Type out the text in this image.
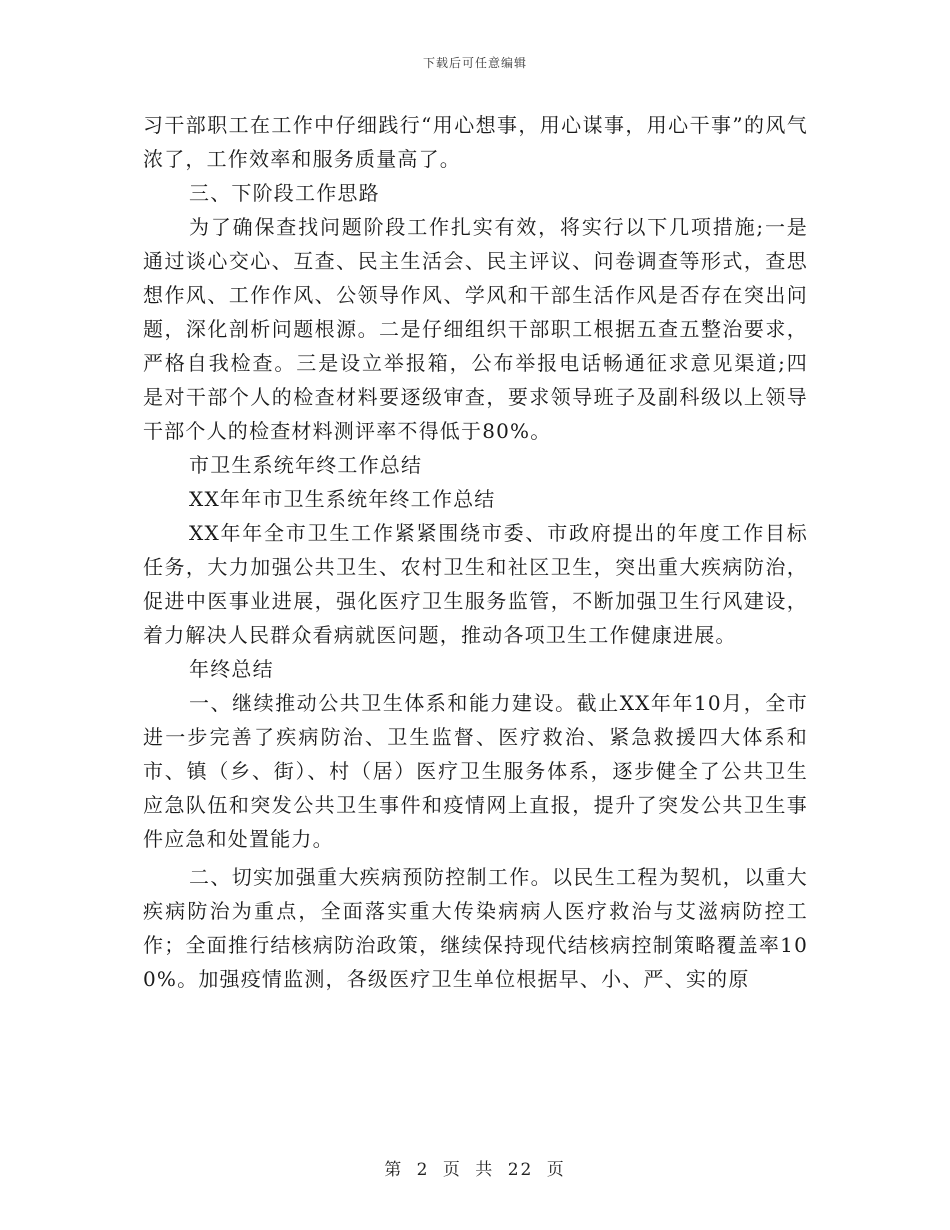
下载后可任意编辑

习干部职工在工作中仔细践行“用心想事，用心谋事，用心干事”的风气浓了，工作效率和服务质量高了。

三、下阶段工作思路

为了确保查找问题阶段工作扎实有效，将实行以下几项措施;一是通过谈心交心、互查、民主生活会、民主评议、问卷调查等形式，查思想作风、工作作风、公领导作风、学风和干部生活作风是否存在突出问题，深化剖析问题根源。二是仔细组织干部职工根据五查五整治要求，严格自我检查。三是设立举报箱，公布举报电话畅通征求意见渠道;四是对干部个人的检查材料要逐级审查，要求领导班子及副科级以上领导干部个人的检查材料测评率不得低于80%。

市卫生系统年终工作总结

XX年年市卫生系统年终工作总结

XX年年全市卫生工作紧紧围绕市委、市政府提出的年度工作目标任务，大力加强公共卫生、农村卫生和社区卫生，突出重大疾病防治，促进中医事业进展，强化医疗卫生服务监管，不断加强卫生行风建设，着力解决人民群众看病就医问题，推动各项卫生工作健康进展。

年终总结

一、继续推动公共卫生体系和能力建设。截止XX年年10月，全市进一步完善了疾病防治、卫生监督、医疗救治、紧急救援四大体系和市、镇（乡、街）、村（居）医疗卫生服务体系，逐步健全了公共卫生应急队伍和突发公共卫生事件和疫情网上直报，提升了突发公共卫生事件应急和处置能力。

二、切实加强重大疾病预防控制工作。以民生工程为契机，以重大疾病防治为重点，全面落实重大传染病病人医疗救治与艾滋病防控工作；全面推行结核病防治政策，继续保持现代结核病控制策略覆盖率100%。加强疫情监测，各级医疗卫生单位根据早、小、严、实的原

第 2 页 共 22 页
